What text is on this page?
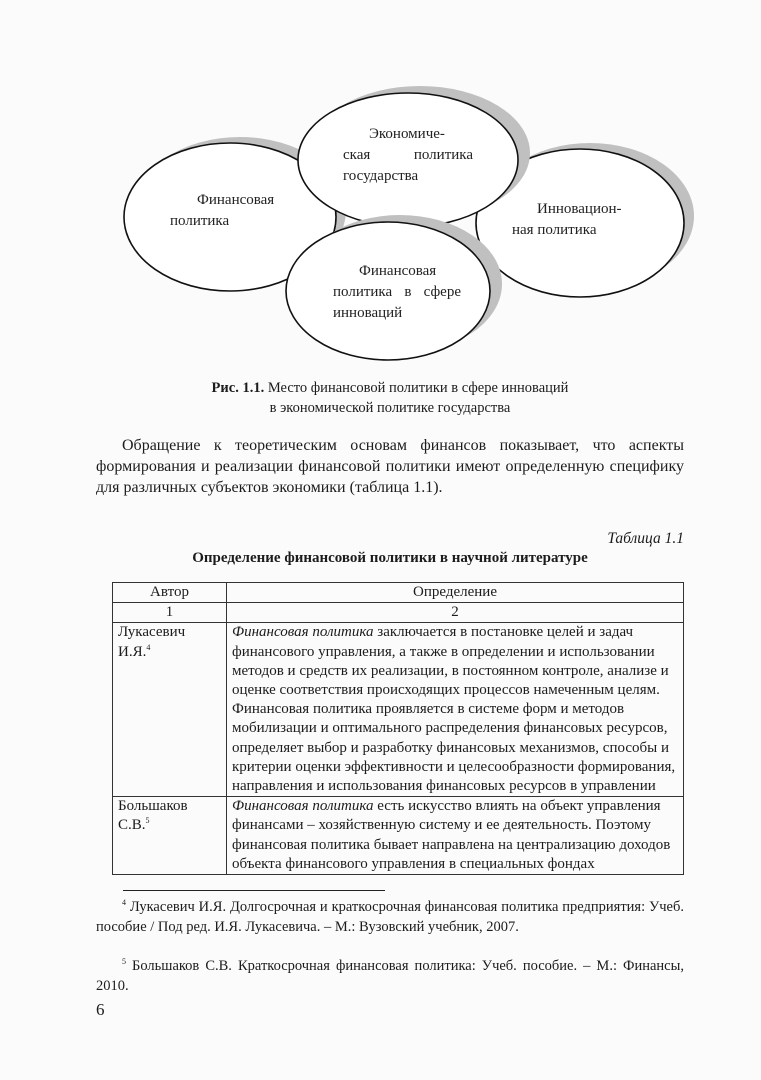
Финансовая
политика
Экономиче-
ская политика
государства
Инновацион-
ная политика
Финансовая
политика в сфере
инноваций
Рис. 1.1. Место финансовой политики в сфере инноваций
в экономической политике государства
Обращение к теоретическим основам финансов показывает, что аспекты формирования и реализации финансовой политики имеют определенную специфику для различных субъектов экономики (таблица 1.1).
Таблица 1.1
Определение финансовой политики в научной литературе
Автор	Определение
1	2

Лукасевич
И.Я.$^4$	Финансовая политика заключается в постановке целей и задач финансового управления, а также в определении и использовании методов и средств их реализации, в постоянном контроле, анализе и оценке соответствия происходящих процессов намеченным целям. Финансовая политика проявляется в системе форм и методов мобилизации и оптимального распределения финансовых ресурсов, определяет выбор и разработку финансовых механизмов, способы и критерии оценки эффективности и целесообразности формирования, направления и использования финансовых ресурсов в управлении

Большаков
С.В.$^5$	Финансовая политика есть искусство влиять на объект управления финансами – хозяйственную систему и ее деятельность. Поэтому финансовая политика бывает направлена на централизацию доходов объекта финансового управления в специальных фондах
$^4$ Лукасевич И.Я. Долгосрочная и краткосрочная финансовая политика предприятия: Учеб. пособие / Под ред. И.Я. Лукасевича. – М.: Вузовский учебник, 2007.
$^5$ Большаков С.В. Краткосрочная финансовая политика: Учеб. пособие. – М.: Финансы, 2010.
6
